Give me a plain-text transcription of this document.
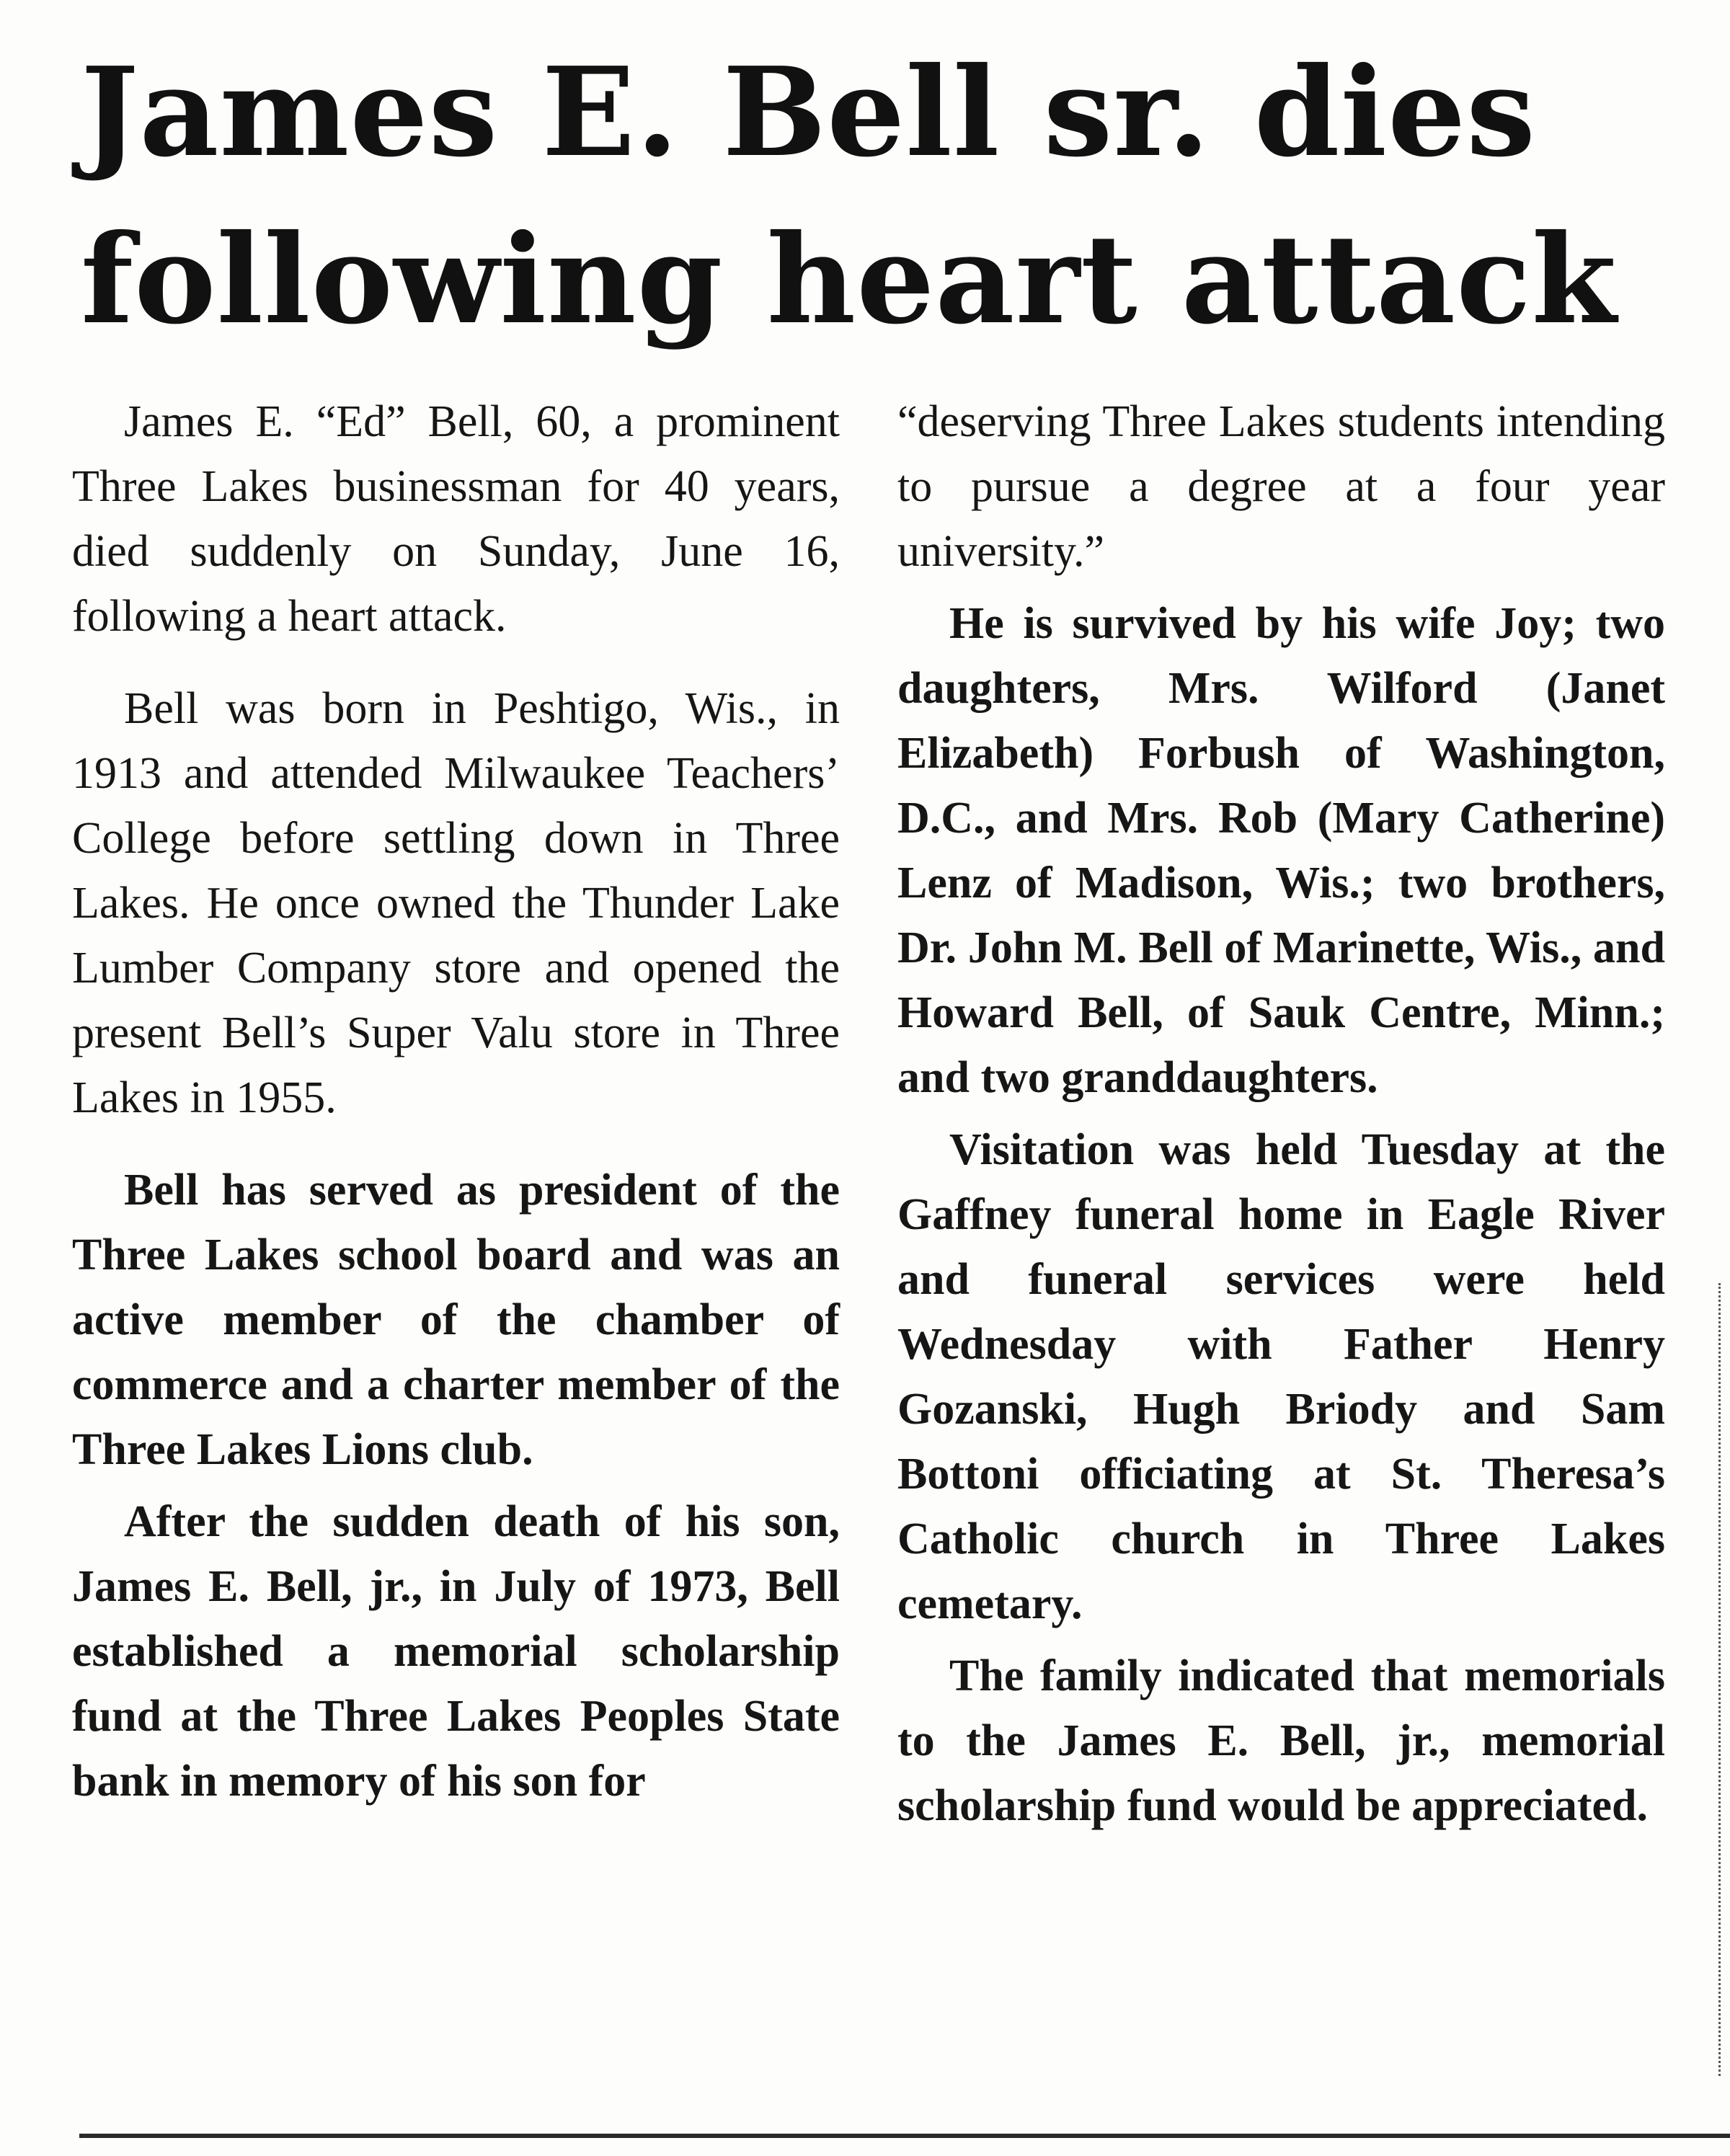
James E. Bell sr. dies
following heart attack

James E. “Ed” Bell, 60, a prominent Three Lakes businessman for 40 years, died suddenly on Sunday, June 16, following a heart attack.

Bell was born in Peshtigo, Wis., in 1913 and attended Milwaukee Teachers’ College before settling down in Three Lakes. He once owned the Thunder Lake Lumber Company store and opened the present Bell’s Super Valu store in Three Lakes in 1955.

Bell has served as president of the Three Lakes school board and was an active member of the chamber of commerce and a charter member of the Three Lakes Lions club.

After the sudden death of his son, James E. Bell, jr., in July of 1973, Bell established a memorial scholarship fund at the Three Lakes Peoples State bank in memory of his son for

“deserving Three Lakes students intending to pursue a degree at a four year university.”

He is survived by his wife Joy; two daughters, Mrs. Wilford (Janet Elizabeth) Forbush of Washington, D.C., and Mrs. Rob (Mary Catherine) Lenz of Madison, Wis.; two brothers, Dr. John M. Bell of Marinette, Wis., and Howard Bell, of Sauk Centre, Minn.; and two granddaughters.

Visitation was held Tuesday at the Gaffney funeral home in Eagle River and funeral services were held Wednesday with Father Henry Gozanski, Hugh Briody and Sam Bottoni officiating at St. Theresa’s Catholic church in Three Lakes cemetary.

The family indicated that memorials to the James E. Bell, jr., memorial scholarship fund would be appreciated.
